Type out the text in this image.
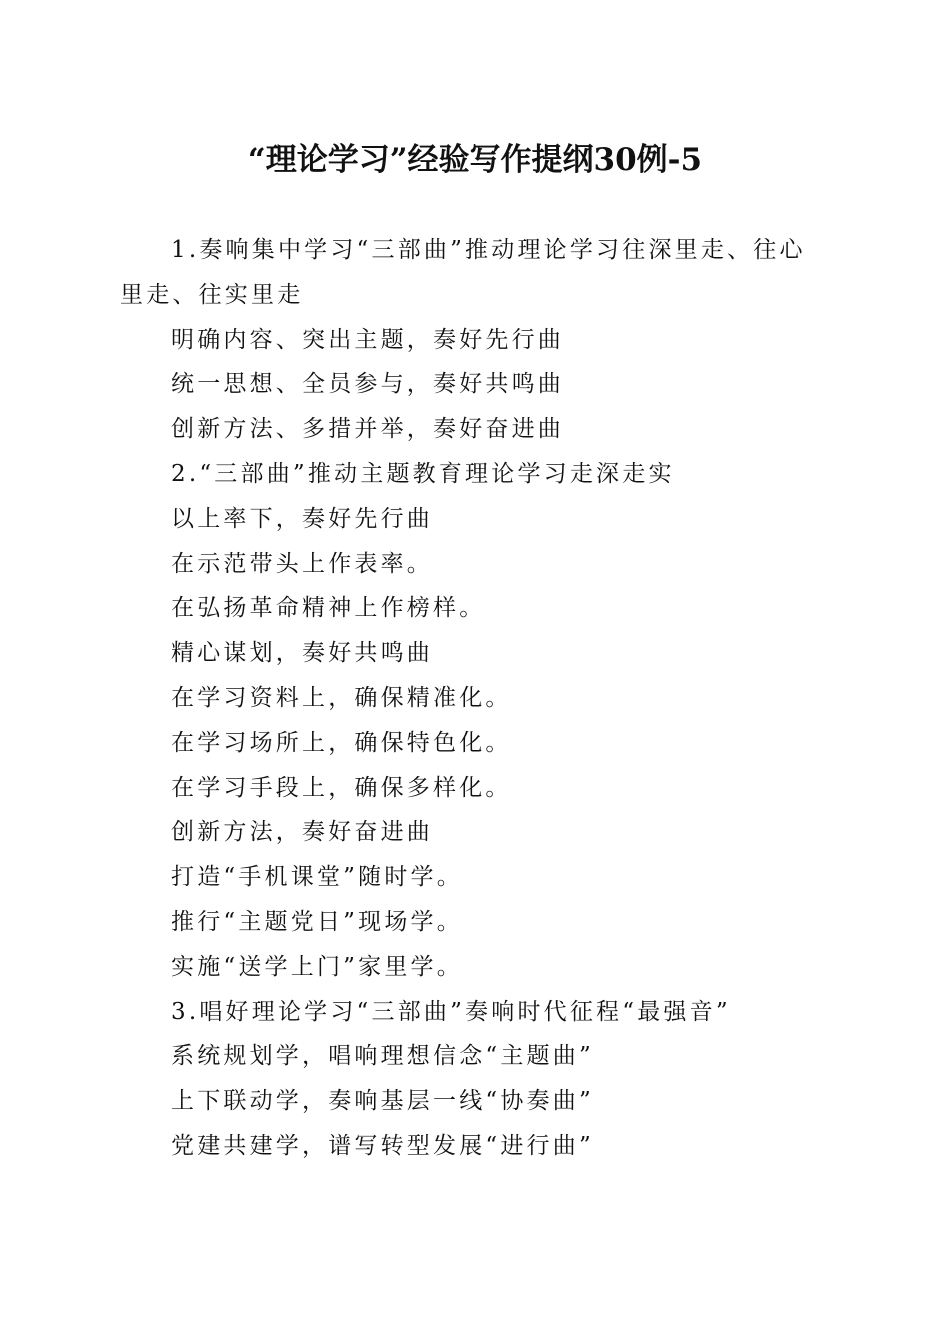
“理论学习”经验写作提纲30例-5

1.奏响集中学习“三部曲”推动理论学习往深里走、往心里走、往实里走

明确内容、突出主题，奏好先行曲

统一思想、全员参与，奏好共鸣曲

创新方法、多措并举，奏好奋进曲

2.“三部曲”推动主题教育理论学习走深走实

以上率下，奏好先行曲

在示范带头上作表率。

在弘扬革命精神上作榜样。

精心谋划，奏好共鸣曲

在学习资料上，确保精准化。

在学习场所上，确保特色化。

在学习手段上，确保多样化。

创新方法，奏好奋进曲

打造“手机课堂”随时学。

推行“主题党日”现场学。

实施“送学上门”家里学。

3.唱好理论学习“三部曲”奏响时代征程“最强音”

系统规划学，唱响理想信念“主题曲”

上下联动学，奏响基层一线“协奏曲”

党建共建学，谱写转型发展“进行曲”
